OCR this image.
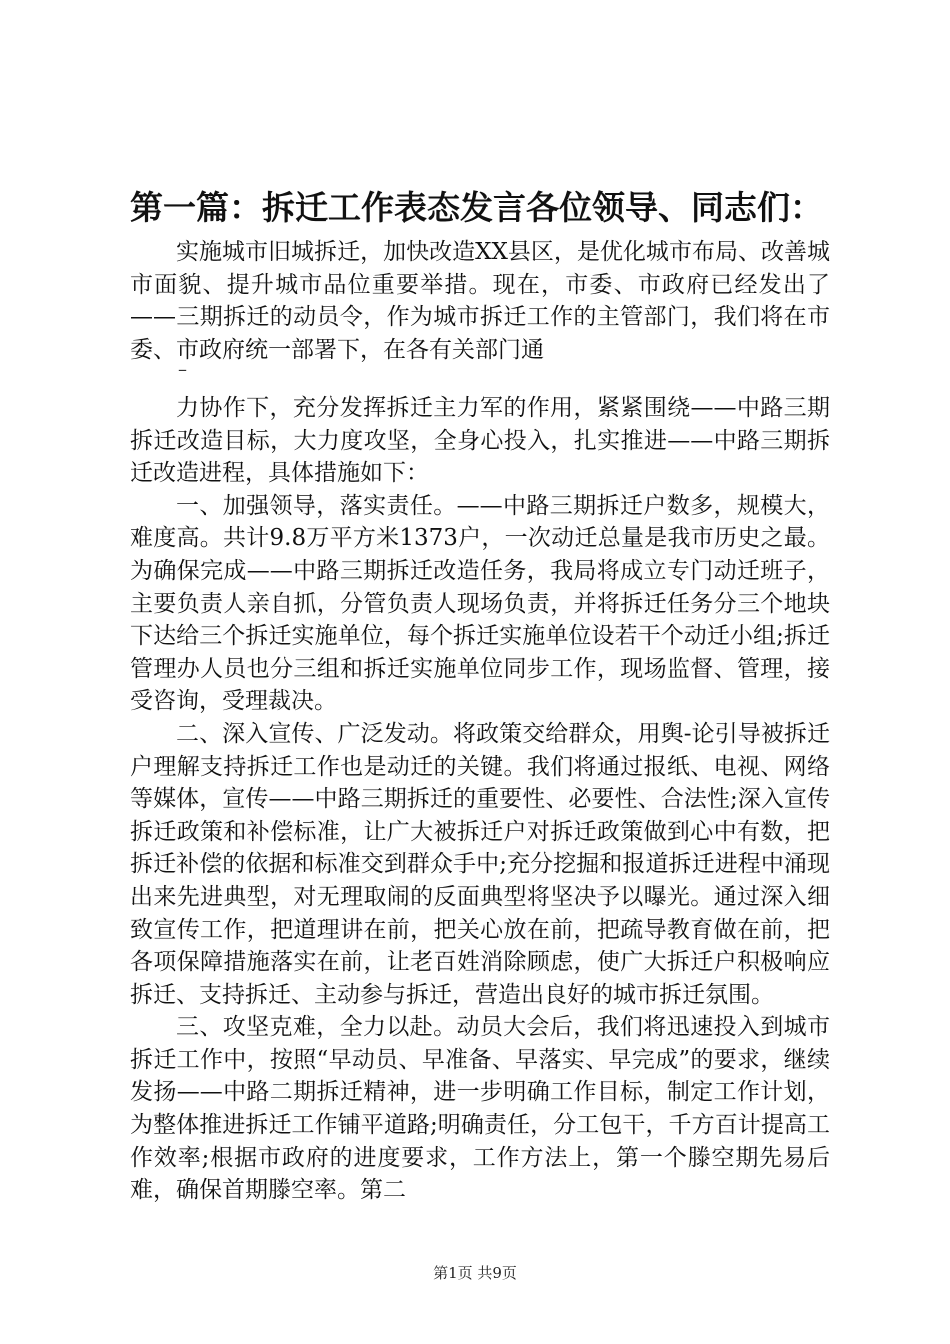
第一篇：拆迁工作表态发言各位领导、同志们：

实施城市旧城拆迁，加快改造XX县区，是优化城市布局、改善城市面貌、提升城市品位重要举措。现在，市委、市政府已经发出了——三期拆迁的动员令，作为城市拆迁工作的主管部门，我们将在市委、市政府统一部署下，在各有关部门通

–

力协作下，充分发挥拆迁主力军的作用，紧紧围绕——中路三期拆迁改造目标，大力度攻坚，全身心投入，扎实推进——中路三期拆迁改造进程，具体措施如下：

一、加强领导，落实责任。——中路三期拆迁户数多，规模大，难度高。共计9.8万平方米1373户，一次动迁总量是我市历史之最。为确保完成——中路三期拆迁改造任务，我局将成立专门动迁班子，主要负责人亲自抓，分管负责人现场负责，并将拆迁任务分三个地块下达给三个拆迁实施单位，每个拆迁实施单位设若干个动迁小组;拆迁管理办人员也分三组和拆迁实施单位同步工作，现场监督、管理，接受咨询，受理裁决。

二、深入宣传、广泛发动。将政策交给群众，用舆-论引导被拆迁户理解支持拆迁工作也是动迁的关键。我们将通过报纸、电视、网络等媒体，宣传——中路三期拆迁的重要性、必要性、合法性;深入宣传拆迁政策和补偿标准，让广大被拆迁户对拆迁政策做到心中有数，把拆迁补偿的依据和标准交到群众手中;充分挖掘和报道拆迁进程中涌现出来先进典型，对无理取闹的反面典型将坚决予以曝光。通过深入细致宣传工作，把道理讲在前，把关心放在前，把疏导教育做在前，把各项保障措施落实在前，让老百姓消除顾虑，使广大拆迁户积极响应拆迁、支持拆迁、主动参与拆迁，营造出良好的城市拆迁氛围。

三、攻坚克难，全力以赴。动员大会后，我们将迅速投入到城市拆迁工作中，按照“早动员、早准备、早落实、早完成”的要求，继续发扬——中路二期拆迁精神，进一步明确工作目标，制定工作计划，为整体推进拆迁工作铺平道路;明确责任，分工包干，千方百计提高工作效率;根据市政府的进度要求，工作方法上，第一个滕空期先易后难，确保首期滕空率。第二

第1页 共9页
